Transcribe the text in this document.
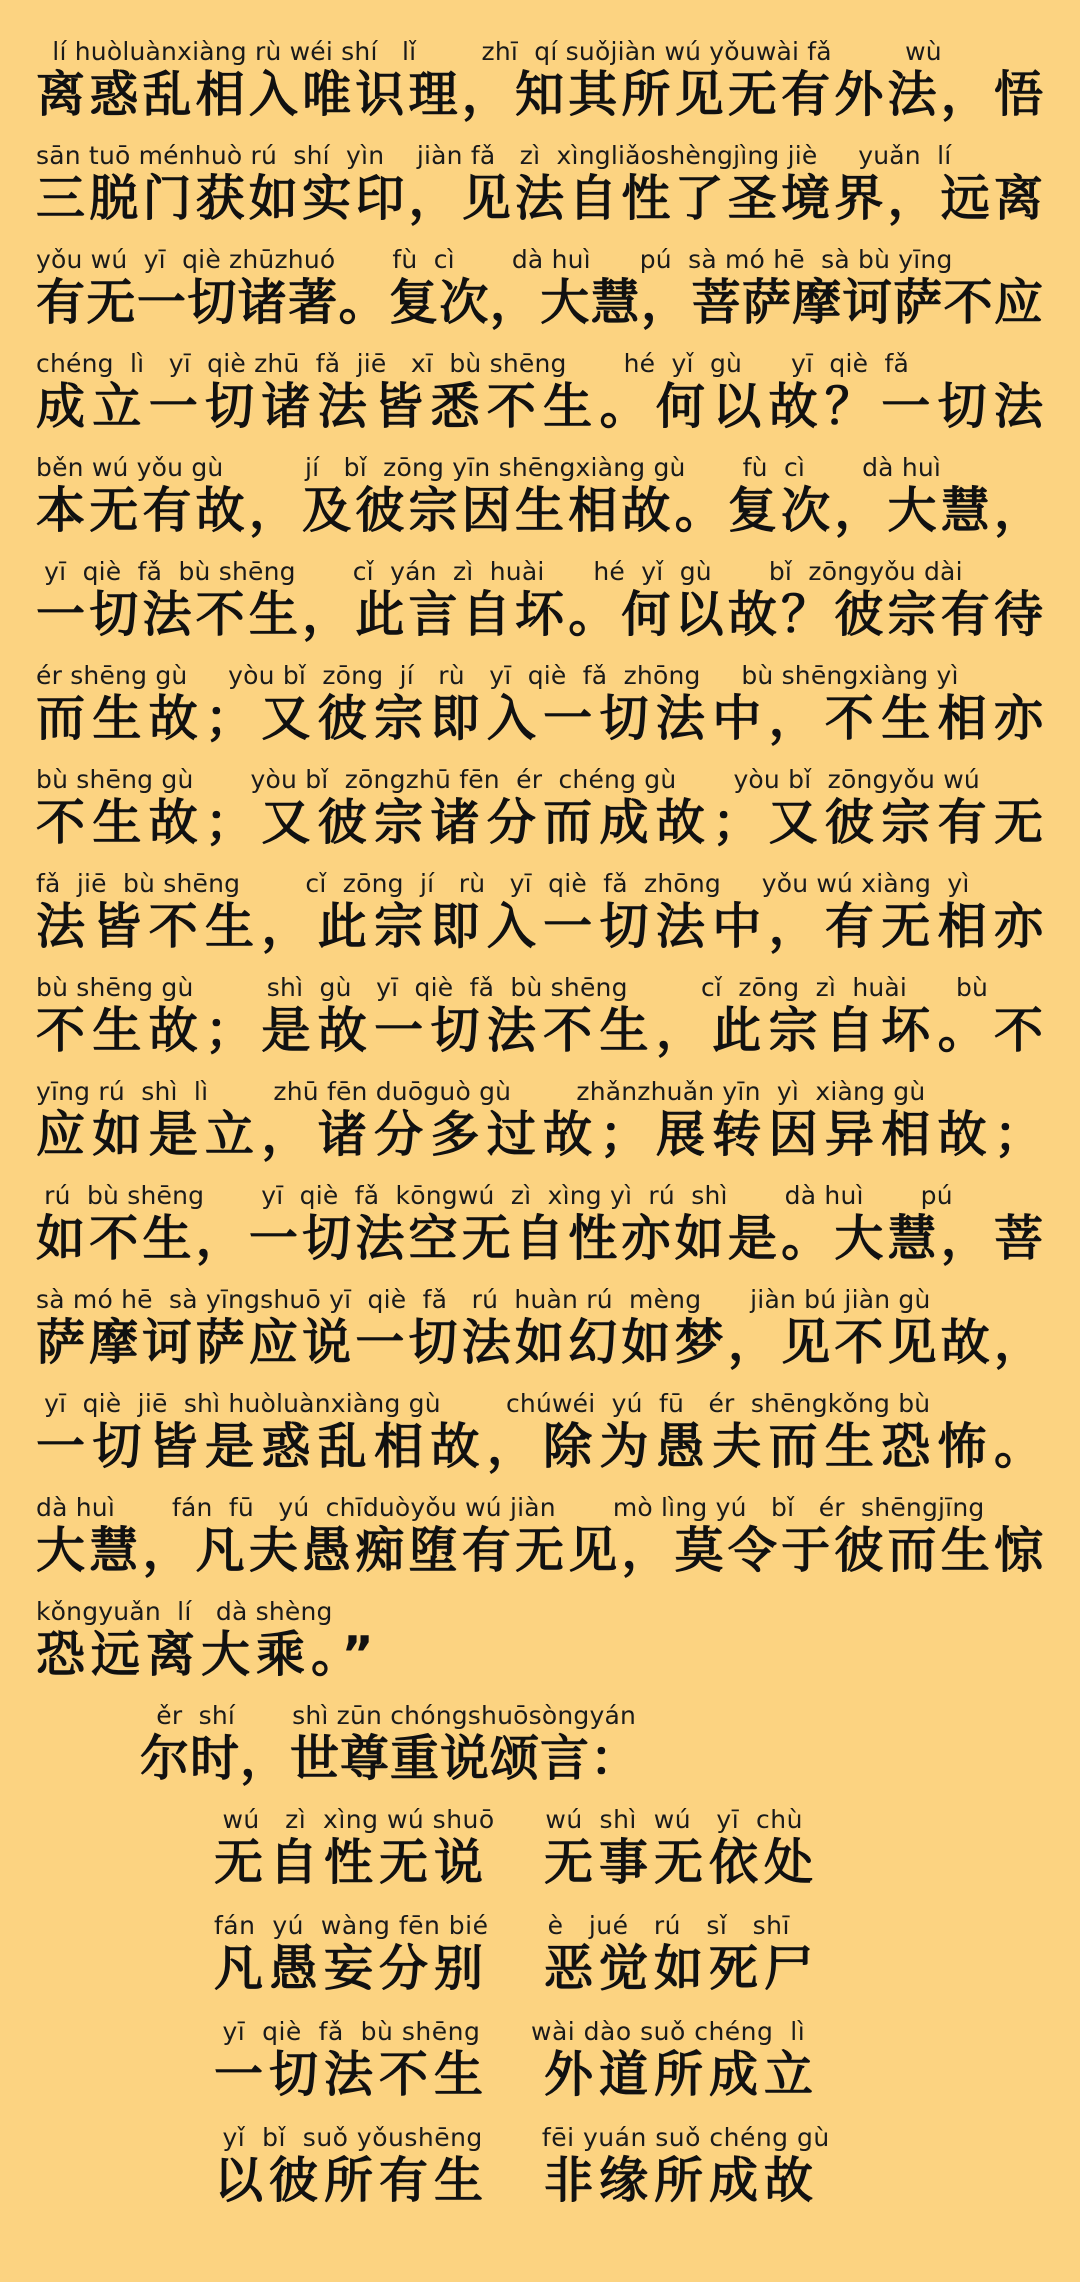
lí huòluànxiàng rù wéi shí   lǐ        zhī  qí suǒjiàn wú yǒuwài fǎ         wù
离惑乱相入唯识理，知其所见无有外法，悟
sān tuō ménhuò rú  shí  yìn    jiàn fǎ   zì  xìngliǎoshèngjìng jiè     yuǎn  lí
三脱门获如实印，见法自性了圣境界，远离
yǒu wú  yī  qiè zhūzhuó       fù  cì       dà huì      pú  sà mó hē  sà bù yīng
有无一切诸著。复次，大慧，菩萨摩诃萨不应
chéng  lì   yī  qiè zhū  fǎ  jiē   xī  bù shēng       hé  yǐ  gù      yī  qiè  fǎ
成立一切诸法皆悉不生。何以故？一切法
běn wú yǒu gù          jí   bǐ  zōng yīn shēngxiàng gù       fù  cì       dà huì
本无有故，及彼宗因生相故。复次，大慧，
yī  qiè  fǎ  bù shēng       cǐ  yán  zì  huài      hé  yǐ  gù       bǐ  zōngyǒu dài
一切法不生，此言自坏。何以故？彼宗有待
ér shēng gù     yòu bǐ  zōng  jí   rù   yī  qiè  fǎ  zhōng     bù shēngxiàng yì
而生故；又彼宗即入一切法中，不生相亦
bù shēng gù       yòu bǐ  zōngzhū fēn  ér  chéng gù       yòu bǐ  zōngyǒu wú
不生故；又彼宗诸分而成故；又彼宗有无
fǎ  jiē  bù shēng        cǐ  zōng  jí   rù   yī  qiè  fǎ  zhōng     yǒu wú xiàng  yì
法皆不生，此宗即入一切法中，有无相亦
bù shēng gù         shì  gù   yī  qiè  fǎ  bù shēng         cǐ  zōng  zì  huài      bù
不生故；是故一切法不生，此宗自坏。不
yīng rú  shì  lì        zhū fēn duōguò gù        zhǎnzhuǎn yīn  yì  xiàng gù
应如是立，诸分多过故；展转因异相故；
rú  bù shēng       yī  qiè  fǎ  kōngwú  zì  xìng yì  rú  shì       dà huì       pú
如不生，一切法空无自性亦如是。大慧，菩
sà mó hē  sà yīngshuō yī  qiè  fǎ   rú  huàn rú  mèng      jiàn bú jiàn gù
萨摩诃萨应说一切法如幻如梦，见不见故，
yī  qiè  jiē  shì huòluànxiàng gù        chúwéi  yú  fū   ér  shēngkǒng bù
一切皆是惑乱相故，除为愚夫而生恐怖。
dà huì       fán  fū   yú  chīduòyǒu wú jiàn       mò lìng yú   bǐ   ér  shēngjīng
大慧，凡夫愚痴堕有无见，莫令于彼而生惊
kǒngyuǎn  lí   dà shèng
恐远离大乘。”
ěr  shí       shì zūn chóngshuōsòngyán
尔时，世尊重说颂言：
wú   zì  xìng wú shuō      wú  shì  wú   yī  chù
无自性无说　无事无依处
fán  yú  wàng fēn bié       è   jué   rú   sǐ   shī
凡愚妄分别　恶觉如死尸
yī  qiè  fǎ  bù shēng      wài dào suǒ chéng  lì
一切法不生　外道所成立
yǐ  bǐ  suǒ yǒushēng       fēi yuán suǒ chéng gù
以彼所有生　非缘所成故
